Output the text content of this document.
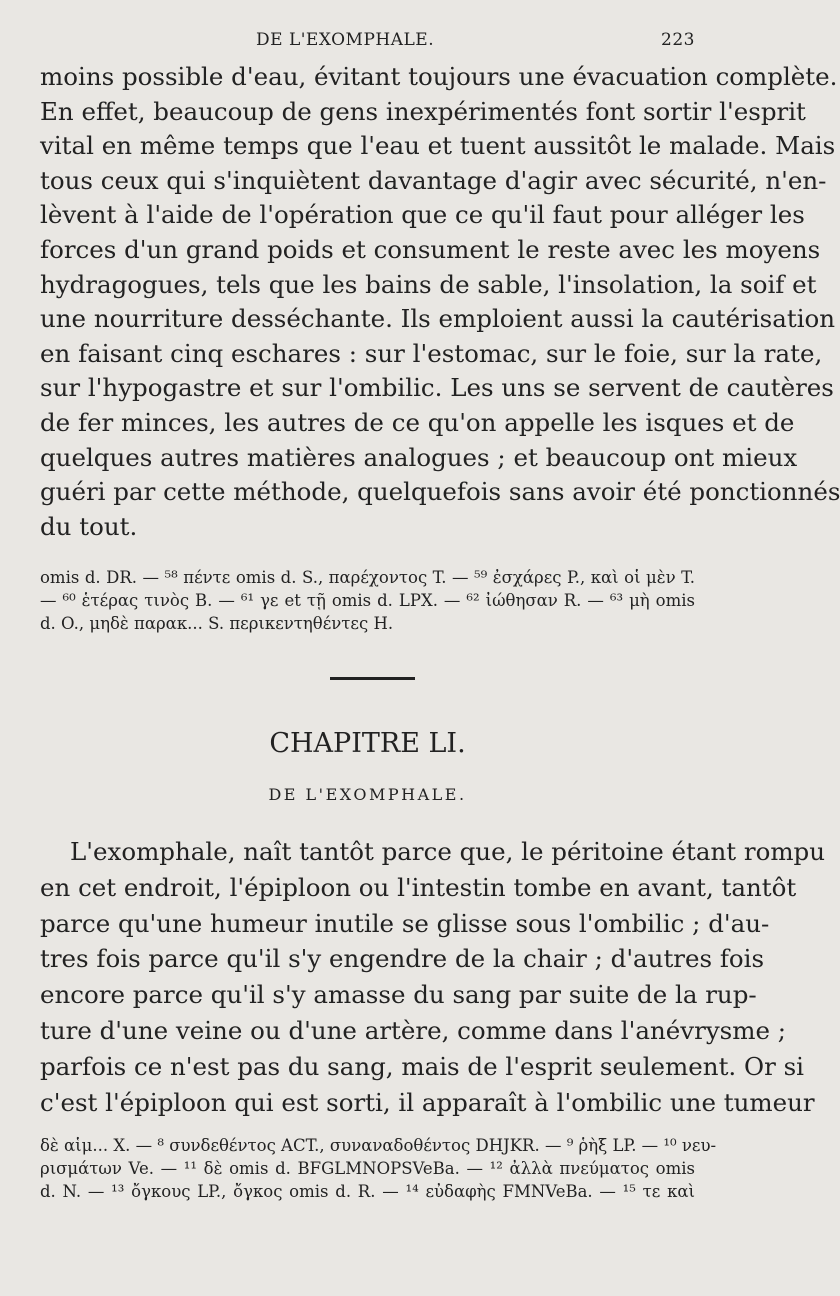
DE L'EXOMPHALE.	223
moins possible d'eau, évitant toujours une évacuation complète.
En effet, beaucoup de gens inexpérimentés font sortir l'esprit
vital en même temps que l'eau et tuent aussitôt le malade. Mais
tous ceux qui s'inquiètent davantage d'agir avec sécurité, n'en-
lèvent à l'aide de l'opération que ce qu'il faut pour alléger les
forces d'un grand poids et consument le reste avec les moyens
hydragogues, tels que les bains de sable, l'insolation, la soif et
une nourriture desséchante. Ils emploient aussi la cautérisation
en faisant cinq eschares : sur l'estomac, sur le foie, sur la rate,
sur l'hypogastre et sur l'ombilic. Les uns se servent de cautères
de fer minces, les autres de ce qu'on appelle les isques et de
quelques autres matières analogues ; et beaucoup ont mieux
guéri par cette méthode, quelquefois sans avoir été ponctionnés
du tout.
omis d. DR. — ⁵⁸ πέντε omis d. S., παρέχοντος T. — ⁵⁹ ἐσχάρες P., καὶ οἱ μὲν T.
— ⁶⁰ ἑτέρας τινὸς B. — ⁶¹ γε et τῇ omis d. LPX. — ⁶² ἰώθησαν R. — ⁶³ μὴ omis
d. O., μηδὲ παρακ... S. περικεντηθέντες H.
CHAPITRE LI.
DE L'EXOMPHALE.
L'exomphale, naît tantôt parce que, le péritoine étant rompu
en cet endroit, l'épiploon ou l'intestin tombe en avant, tantôt
parce qu'une humeur inutile se glisse sous l'ombilic ; d'au-
tres fois parce qu'il s'y engendre de la chair ; d'autres fois
encore parce qu'il s'y amasse du sang par suite de la rup-
ture d'une veine ou d'une artère, comme dans l'anévrysme ;
parfois ce n'est pas du sang, mais de l'esprit seulement. Or si
c'est l'épiploon qui est sorti, il apparaît à l'ombilic une tumeur
δὲ αἱμ... X. — ⁸ συνδεθέντος ACT., συναναδοθέντος DHJKR. — ⁹ ῥὴξ LP. — ¹⁰ νευ-
ρισμάτων Ve. — ¹¹ δὲ omis d. BFGLMNOPSVeBa. — ¹² ἀλλὰ πνεύματος omis
d. N. — ¹³ ὄγκους LP., ὄγκος omis d. R. — ¹⁴ εὐδαφὴς FMNVeBa. — ¹⁵ τε καὶ
